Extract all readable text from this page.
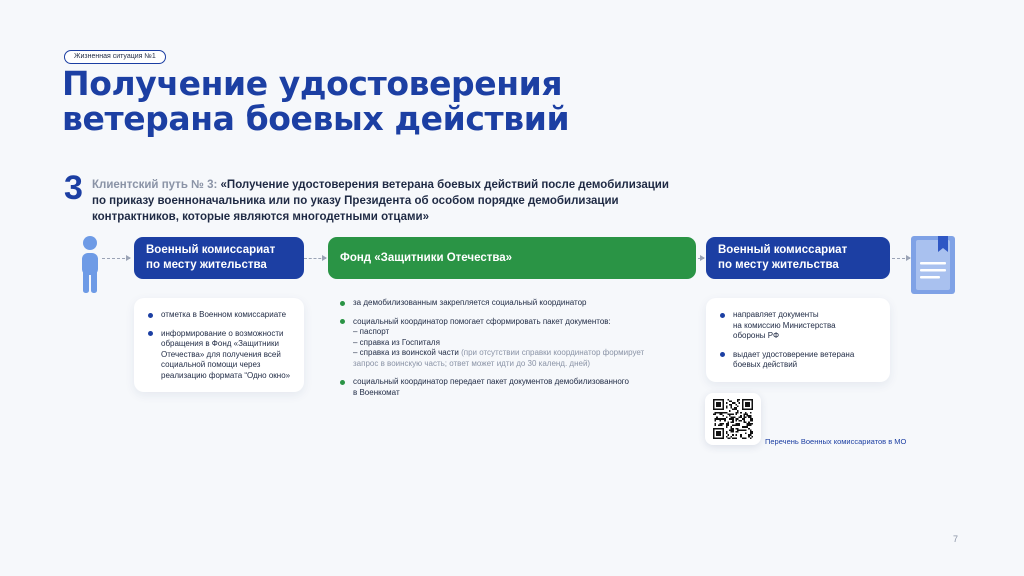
Жизненная ситуация №1
Получение удостоверения
ветерана боевых действий
3 Клиентский путь № 3: «Получение удостоверения ветерана боевых действий после демобилизации
по приказу военноначальника или по указу Президента об особом порядке демобилизации
контрактников, которые являются многодетными отцами»
Военный комиссариат
по месту жительства
отметка в Военном комиссариате
информирование о возможности
обращения в Фонд «Защитники
Отечества» для получения всей
социальной помощи через
реализацию формата “Одно окно»
Фонд «Защитники Отечества»
за демобилизованным закрепляется социальный координатор
социальный координатор помогает сформировать пакет документов:
– паспорт
– справка из Госпиталя
– справка из воинской части (при отсутствии справки координатор формирует
запрос в воинскую часть; ответ может идти до 30 календ. дней)
социальный координатор передает пакет документов демобилизованного
в Военкомат
Военный комиссариат
по месту жительства
направляет документы
на комиссию Министерства
обороны РФ
выдает удостоверение ветерана
боевых действий
Перечень Военных комиссариатов в МО
7
